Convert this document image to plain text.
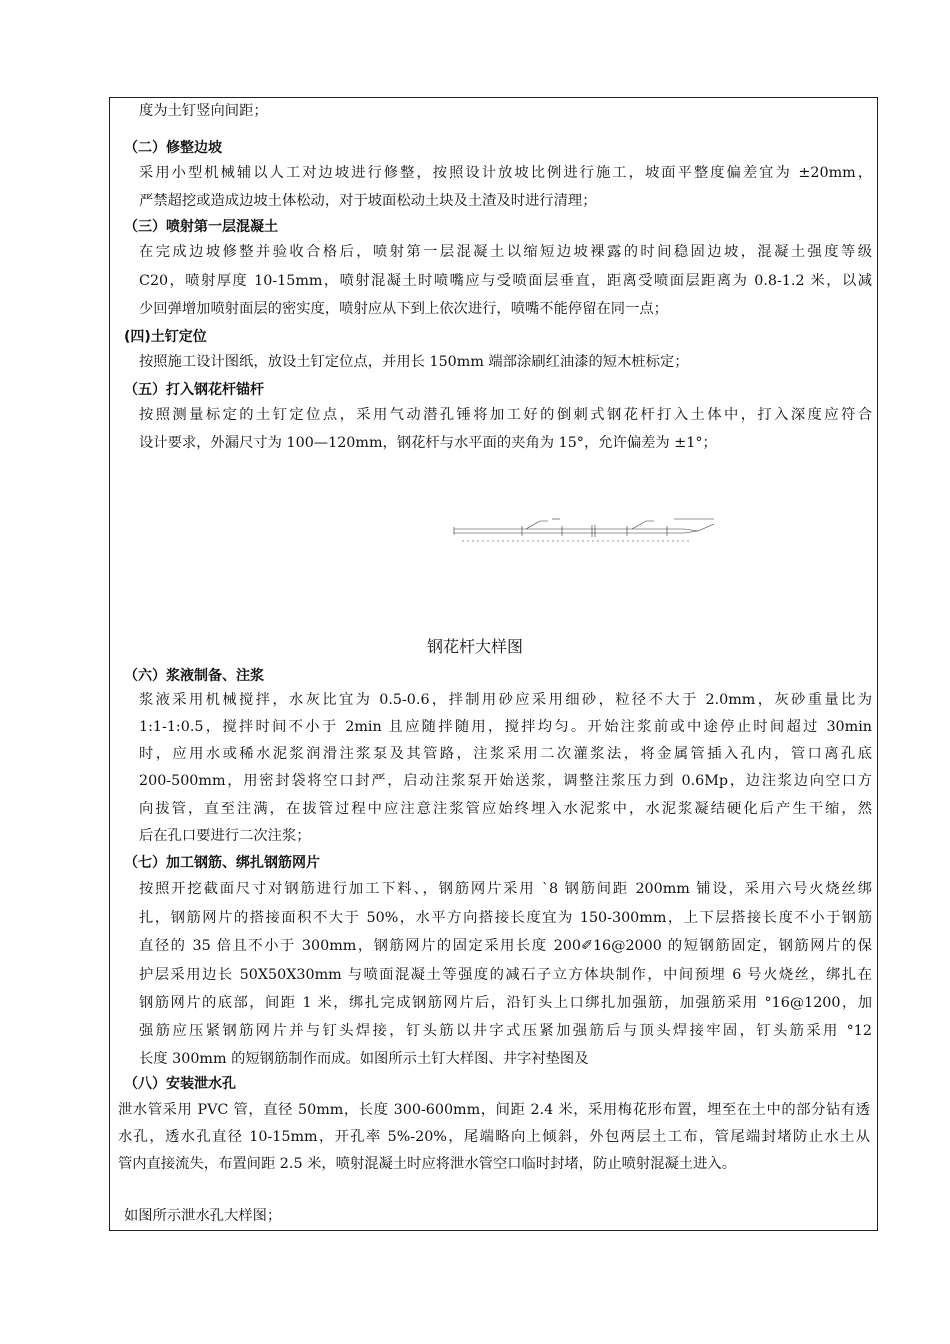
度为土钉竖向间距；
（二）修整边坡
采用小型机械辅以人工对边坡进行修整，按照设计放坡比例进行施工，坡面平整度偏差宜为 ±20mm，
严禁超挖或造成边坡土体松动，对于坡面松动土块及土渣及时进行清理；
（三）喷射第一层混凝土
在完成边坡修整并验收合格后，喷射第一层混凝土以缩短边坡裸露的时间稳固边坡，混凝土强度等级
C20，喷射厚度 10-15mm，喷射混凝土时喷嘴应与受喷面层垂直，距离受喷面层距离为 0.8-1.2 米，以减
少回弹增加喷射面层的密实度，喷射应从下到上依次进行，喷嘴不能停留在同一点；
(四)土钉定位
按照施工设计图纸，放设土钉定位点，并用长 150mm 端部涂刷红油漆的短木桩标定；
（五）打入钢花杆锚杆
按照测量标定的土钉定位点，采用气动潜孔锤将加工好的倒刺式钢花杆打入土体中，打入深度应符合
设计要求，外漏尺寸为 100—120mm，钢花杆与水平面的夹角为 15°，允许偏差为 ±1°；
钢花杆大样图
（六）浆液制备、注浆
浆液采用机械搅拌，水灰比宜为 0.5-0.6，拌制用砂应采用细砂，粒径不大于 2.0mm，灰砂重量比为
1:1-1:0.5，搅拌时间不小于 2min 且应随拌随用，搅拌均匀。开始注浆前或中途停止时间超过 30min
时，应用水或稀水泥浆润滑注浆泵及其管路，注浆采用二次灌浆法，将金属管插入孔内，管口离孔底
200-500mm，用密封袋将空口封严，启动注浆泵开始送浆，调整注浆压力到 0.6Mp，边注浆边向空口方
向拔管，直至注满，在拔管过程中应注意注浆管应始终埋入水泥浆中，水泥浆凝结硬化后产生干缩，然
后在孔口要进行二次注浆；
（七）加工钢筋、绑扎钢筋网片
按照开挖截面尺寸对钢筋进行加工下料、，钢筋网片采用 `8 钢筋间距 200mm 铺设，采用六号火烧丝绑
扎，钢筋网片的搭接面积不大于 50%，水平方向搭接长度宜为 150-300mm，上下层搭接长度不小于钢筋
直径的 35 倍且不小于 300mm，钢筋网片的固定采用长度 200✐16@2000 的短钢筋固定，钢筋网片的保
护层采用边长 50X50X30mm 与喷面混凝土等强度的减石子立方体块制作，中间预埋 6 号火烧丝，绑扎在
钢筋网片的底部，间距 1 米，绑扎完成钢筋网片后，沿钉头上口绑扎加强筋，加强筋采用 °16@1200，加
强筋应压紧钢筋网片并与钉头焊接，钉头筋以井字式压紧加强筋后与顶头焊接牢固，钉头筋采用 °12
长度 300mm 的短钢筋制作而成。如图所示土钉大样图、井字衬垫图及
（八）安装泄水孔
泄水管采用 PVC 管，直径 50mm，长度 300-600mm，间距 2.4 米，采用梅花形布置，埋至在土中的部分钻有透
水孔，透水孔直径 10-15mm，开孔率 5%-20%，尾端略向上倾斜，外包两层土工布，管尾端封堵防止水土从
管内直接流失，布置间距 2.5 米，喷射混凝土时应将泄水管空口临时封堵，防止喷射混凝土进入。
如图所示泄水孔大样图；
